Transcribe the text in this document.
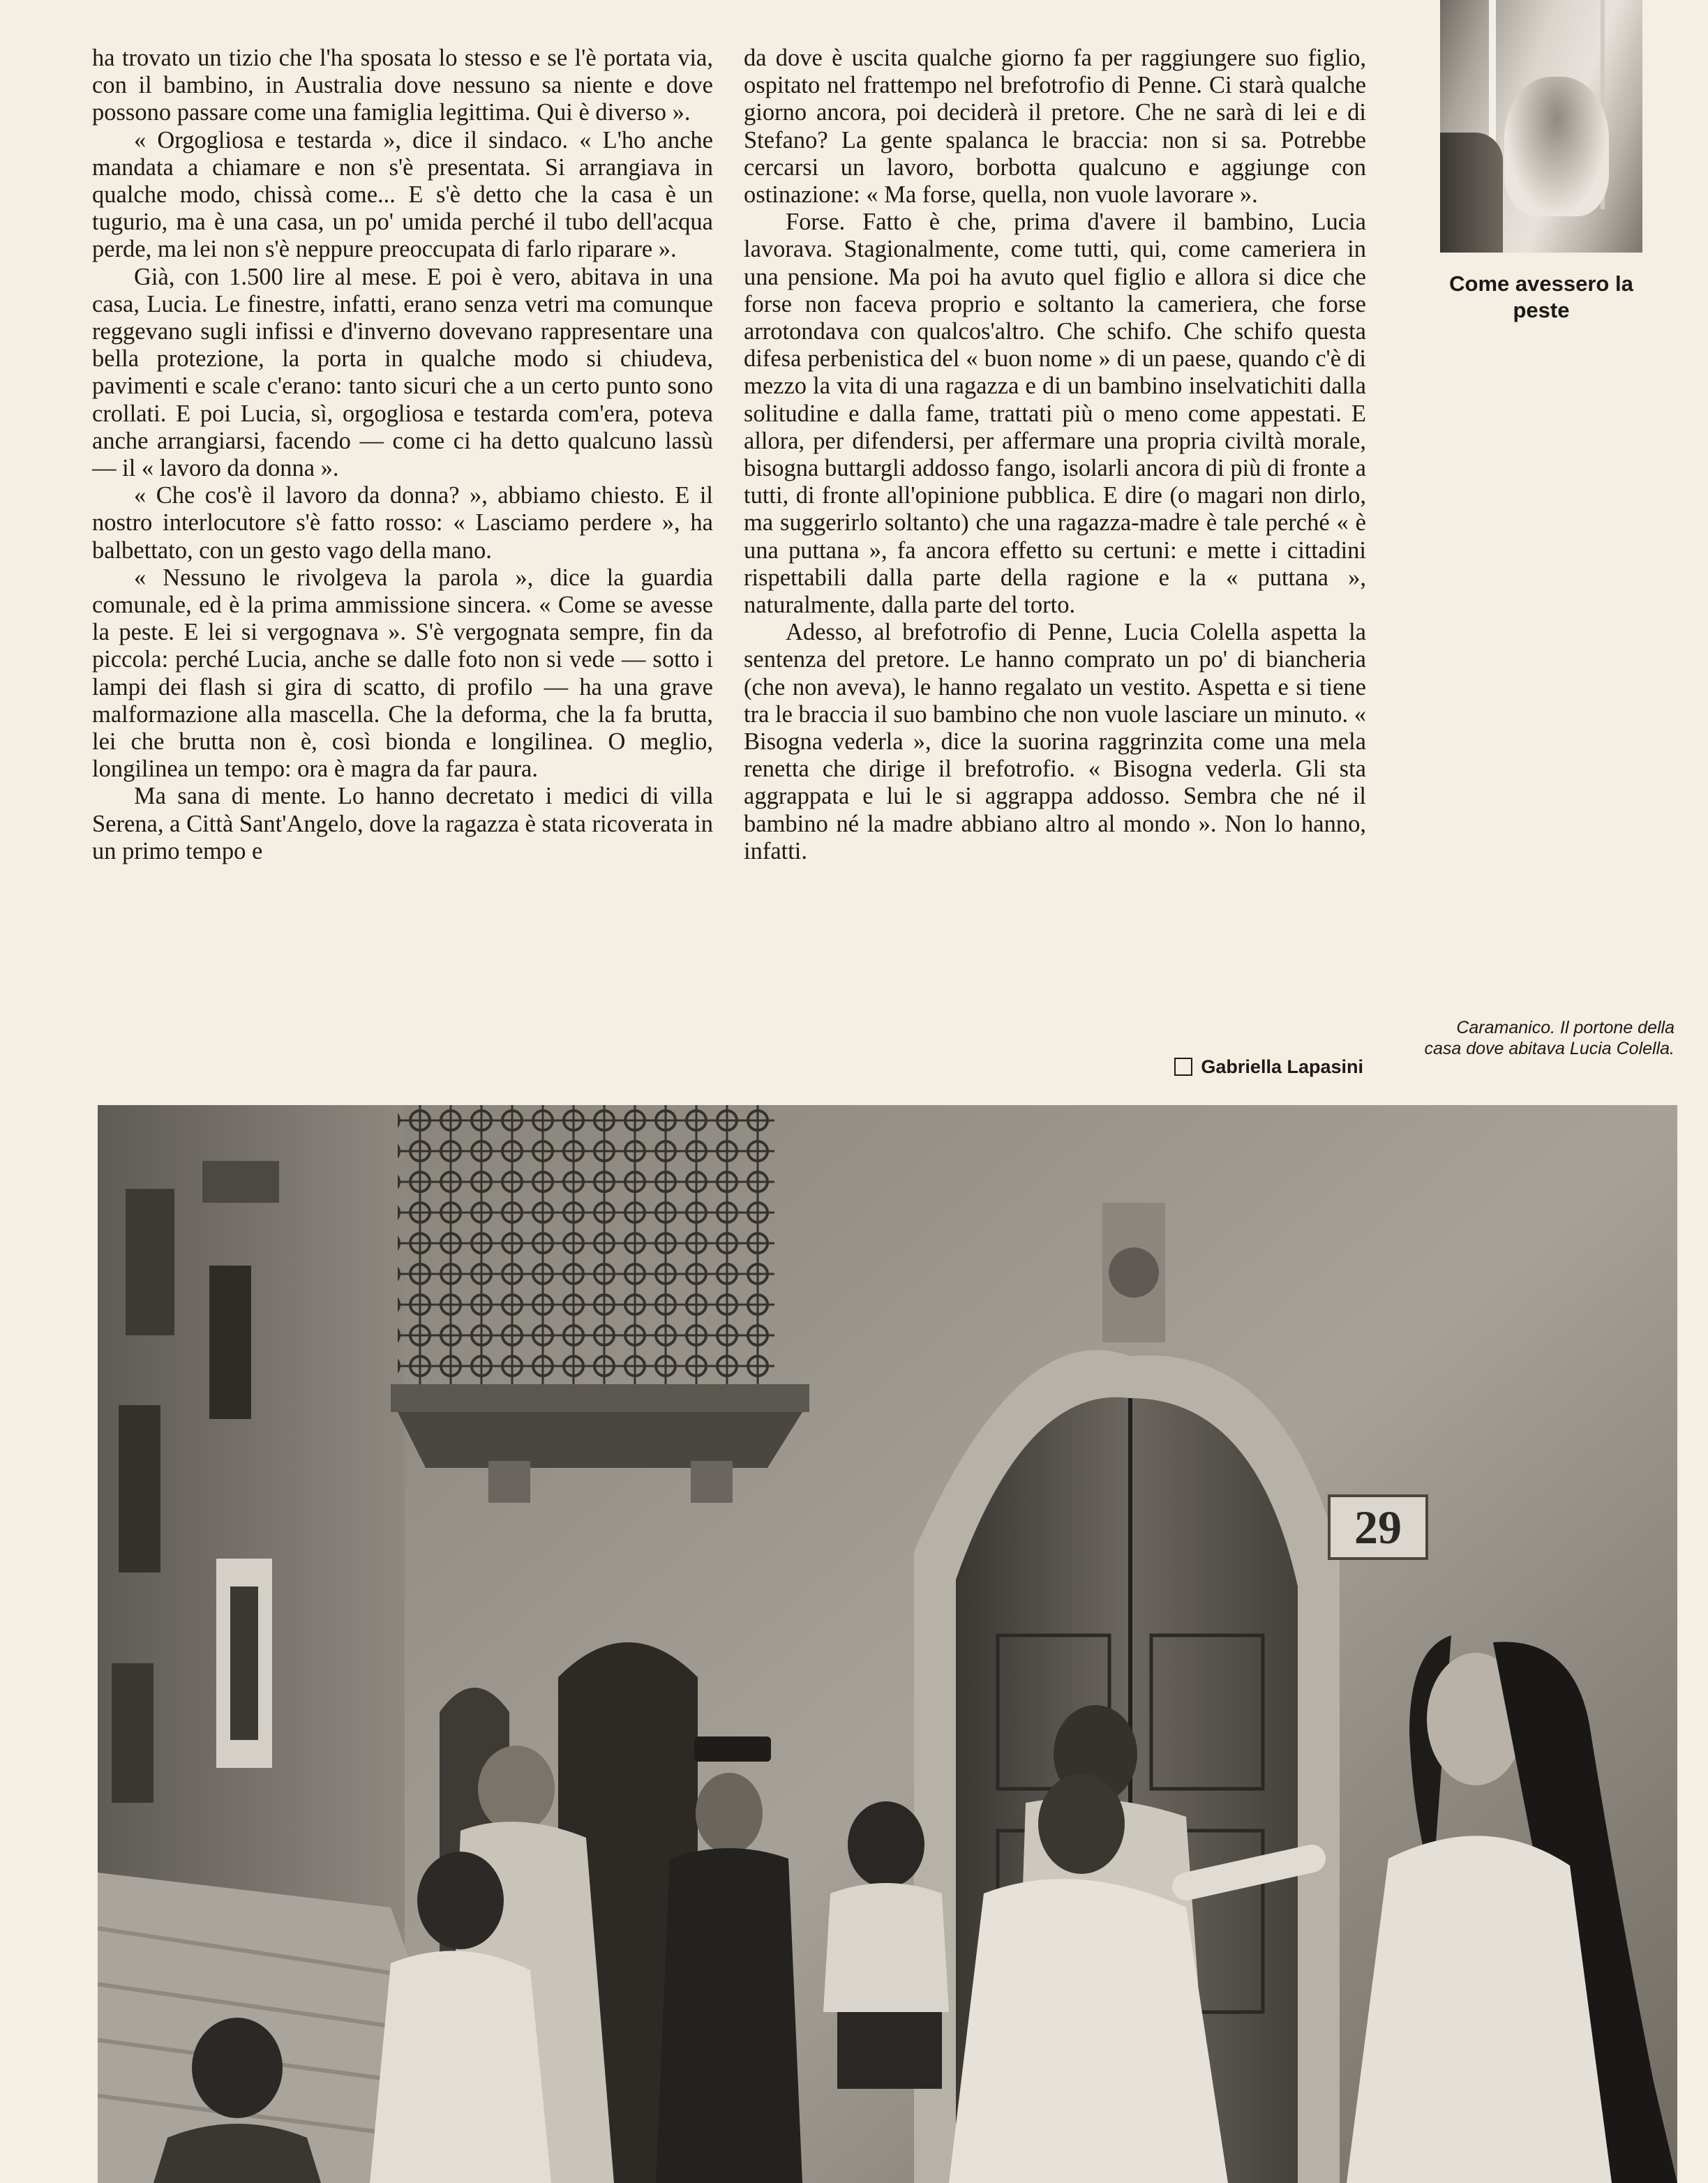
ha trovato un tizio che l'ha sposata lo stesso e se l'è portata via, con il bambino, in Australia dove nessuno sa niente e dove possono passare come una famiglia legittima. Qui è diverso ».

« Orgogliosa e testarda », dice il sindaco. « L'ho anche mandata a chiamare e non s'è presentata. Si arrangiava in qualche modo, chissà come... E s'è detto che la casa è un tugurio, ma è una casa, un po' umida perché il tubo dell'acqua perde, ma lei non s'è neppure preoccupata di farlo riparare ».

Già, con 1.500 lire al mese. E poi è vero, abitava in una casa, Lucia. Le finestre, infatti, erano senza vetri ma comunque reggevano sugli infissi e d'inverno dovevano rappresentare una bella protezione, la porta in qualche modo si chiudeva, pavimenti e scale c'erano: tanto sicuri che a un certo punto sono crollati. E poi Lucia, sì, orgogliosa e testarda com'era, poteva anche arrangiarsi, facendo — come ci ha detto qualcuno lassù — il « lavoro da donna ».

« Che cos'è il lavoro da donna? », abbiamo chiesto. E il nostro interlocutore s'è fatto rosso: « Lasciamo perdere », ha balbettato, con un gesto vago della mano.

« Nessuno le rivolgeva la parola », dice la guardia comunale, ed è la prima ammissione sincera. « Come se avesse la peste. E lei si vergognava ». S'è vergognata sempre, fin da piccola: perché Lucia, anche se dalle foto non si vede — sotto i lampi dei flash si gira di scatto, di profilo — ha una grave malformazione alla mascella. Che la deforma, che la fa brutta, lei che brutta non è, così bionda e longilinea. O meglio, longilinea un tempo: ora è magra da far paura.

Ma sana di mente. Lo hanno decretato i medici di villa Serena, a Città Sant'Angelo, dove la ragazza è stata ricoverata in un primo tempo e

da dove è uscita qualche giorno fa per raggiungere suo figlio, ospitato nel frattempo nel brefotrofio di Penne. Ci starà qualche giorno ancora, poi deciderà il pretore. Che ne sarà di lei e di Stefano? La gente spalanca le braccia: non si sa. Potrebbe cercarsi un lavoro, borbotta qualcuno e aggiunge con ostinazione: « Ma forse, quella, non vuole lavorare ».

Forse. Fatto è che, prima d'avere il bambino, Lucia lavorava. Stagionalmente, come tutti, qui, come cameriera in una pensione. Ma poi ha avuto quel figlio e allora si dice che forse non faceva proprio e soltanto la cameriera, che forse arrotondava con qualcos'altro. Che schifo. Che schifo questa difesa perbenistica del « buon nome » di un paese, quando c'è di mezzo la vita di una ragazza e di un bambino inselvatichiti dalla solitudine e dalla fame, trattati più o meno come appestati. E allora, per difendersi, per affermare una propria civiltà morale, bisogna buttargli addosso fango, isolarli ancora di più di fronte a tutti, di fronte all'opinione pubblica. E dire (o magari non dirlo, ma suggerirlo soltanto) che una ragazza-madre è tale perché « è una puttana », fa ancora effetto su certuni: e mette i cittadini rispettabili dalla parte della ragione e la « puttana », naturalmente, dalla parte del torto.

Adesso, al brefotrofio di Penne, Lucia Colella aspetta la sentenza del pretore. Le hanno comprato un po' di biancheria (che non aveva), le hanno regalato un vestito. Aspetta e si tiene tra le braccia il suo bambino che non vuole lasciare un minuto. « Bisogna vederla », dice la suorina raggrinzita come una mela renetta che dirige il brefotrofio. « Bisogna vederla. Gli sta aggrappata e lui le si aggrappa addosso. Sembra che né il bambino né la madre abbiano altro al mondo ». Non lo hanno, infatti.

Gabriella Lapasini
Come avessero la peste
Caramanico. Il portone della casa dove abitava Lucia Colella.
29
